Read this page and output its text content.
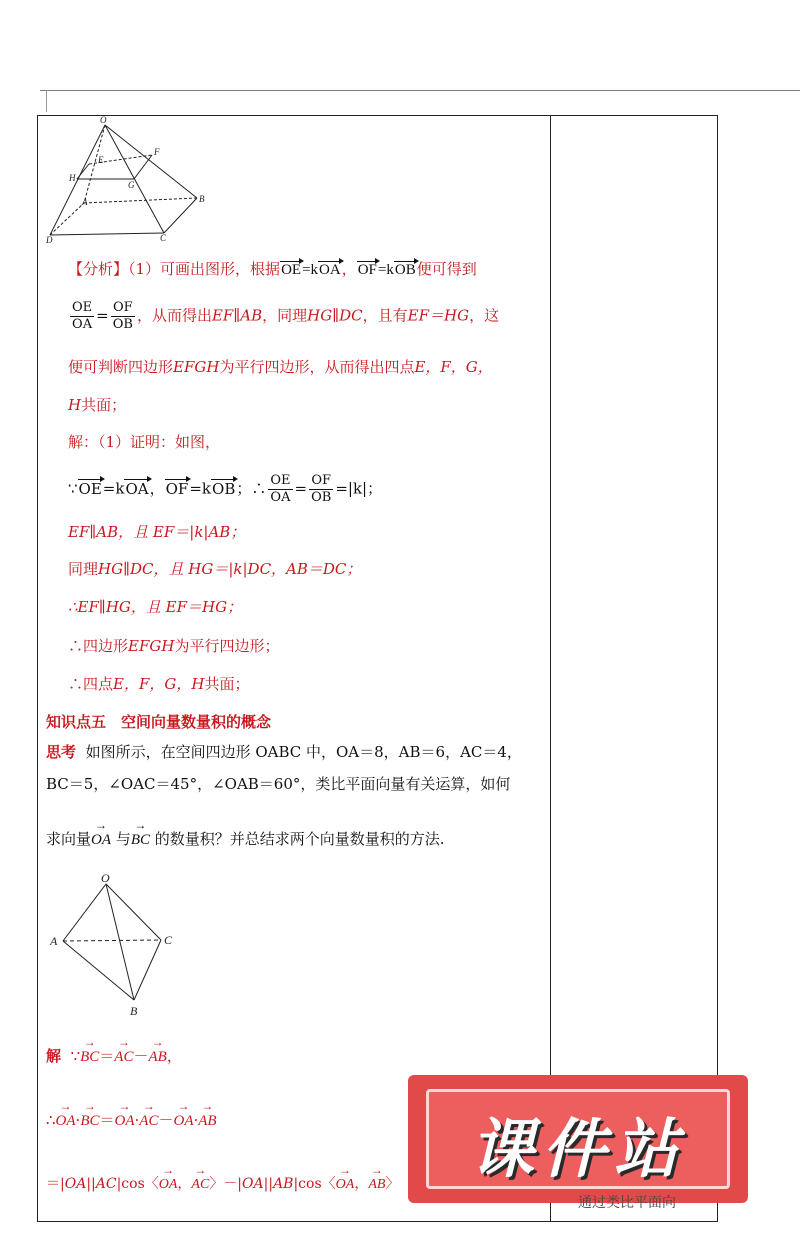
O
F
E
H
G
A	B
D	C
【分析】（1）可画出图形，根据OE=kOA，OF=kOB便可得到
$\frac{OE}{OA} = \frac{OF}{OB}$ ，从而得出EF∥AB，同理HG∥DC，且有EF＝HG，这
便可判断四边形EFGH为平行四边形，从而得出四点E，F，G，
H共面；
解：（1）证明：如图，
∵OE=kOA，OF=kOB；∴ $\frac{OE}{OA} = \frac{OF}{OB} =|k|$；
EF∥AB，且 EF＝|k|AB；
同理HG∥DC，且 HG＝|k|DC，AB＝DC；
∴EF∥HG，且 EF＝HG；
∴四边形EFGH为平行四边形；
∴四点E，F，G，H共面；
知识点五　空间向量数量积的概念
思考 如图所示，在空间四边形 OABC 中，OA＝8，AB＝6，AC＝4，
BC＝5，∠OAC＝45°，∠OAB＝60°，类比平面向量有关运算，如何
求向量→ OA 与→ BC 的数量积？并总结求两个向量数量积的方法.
O
A	C
B
解 ∵→ BC＝→ AC－→ AB，
∴→ OA·→ BC＝→ OA·→ AC－→ OA·→ AB
＝|OA||AC|cos〈→ OA，→ AC〉－|OA||AB|cos〈→ OA，→ AB〉	课件站
通过类比平面向
